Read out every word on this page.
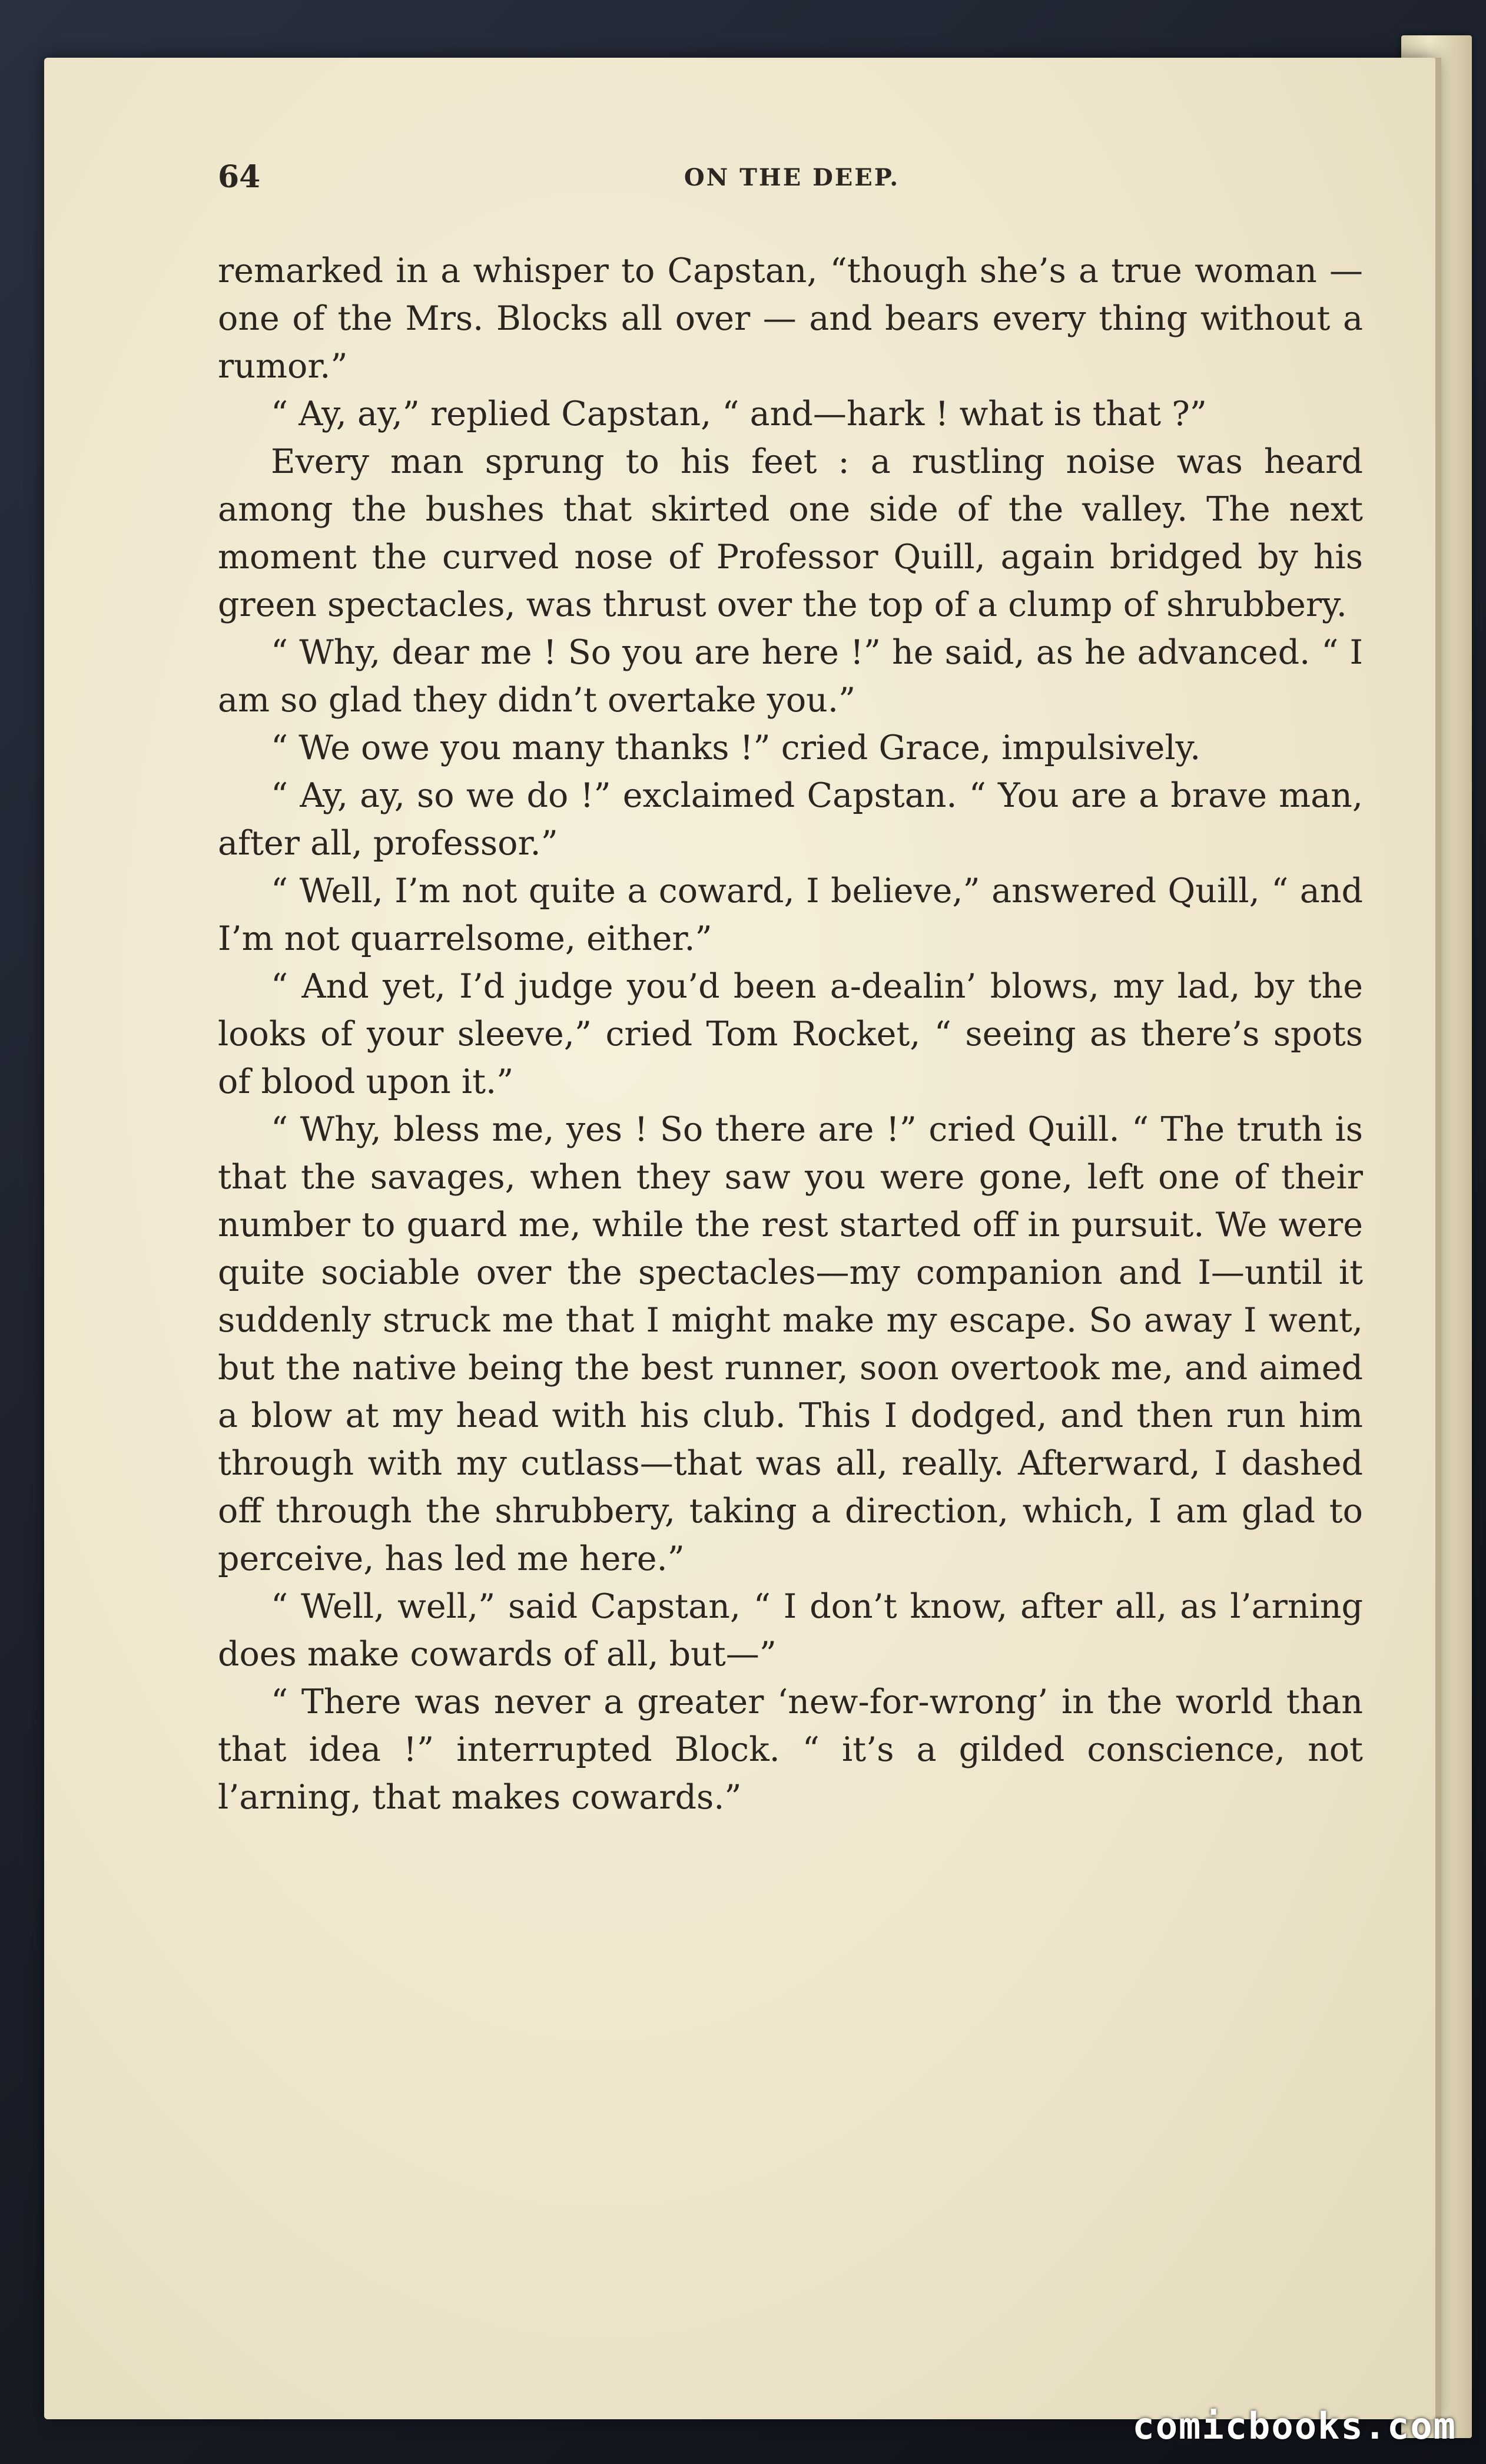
64	ON THE DEEP.

remarked in a whisper to Capstan, “though she’s a true woman — one of the Mrs. Blocks all over — and bears every thing without a rumor.”

“ Ay, ay,” replied Capstan, “ and—hark ! what is that ?”

Every man sprung to his feet : a rustling noise was heard among the bushes that skirted one side of the valley. The next moment the curved nose of Professor Quill, again bridged by his green spectacles, was thrust over the top of a clump of shrubbery.

“ Why, dear me ! So you are here !” he said, as he advanced. “ I am so glad they didn’t overtake you.”

“ We owe you many thanks !” cried Grace, impulsively.

“ Ay, ay, so we do !” exclaimed Capstan. “ You are a brave man, after all, professor.”

“ Well, I’m not quite a coward, I believe,” answered Quill, “ and I’m not quarrelsome, either.”

“ And yet, I’d judge you’d been a-dealin’ blows, my lad, by the looks of your sleeve,” cried Tom Rocket, “ seeing as there’s spots of blood upon it.”

“ Why, bless me, yes ! So there are !” cried Quill. “ The truth is that the savages, when they saw you were gone, left one of their number to guard me, while the rest started off in pursuit. We were quite sociable over the spectacles—my companion and I—until it suddenly struck me that I might make my escape. So away I went, but the native being the best runner, soon overtook me, and aimed a blow at my head with his club. This I dodged, and then run him through with my cutlass—that was all, really. Afterward, I dashed off through the shrubbery, taking a direction, which, I am glad to perceive, has led me here.”

“ Well, well,” said Capstan, “ I don’t know, after all, as l’arning does make cowards of all, but—”

“ There was never a greater ‘new-for-wrong’ in the world than that idea !” interrupted Block. “ it’s a gilded conscience, not l’arning, that makes cowards.”

comicbooks.com
